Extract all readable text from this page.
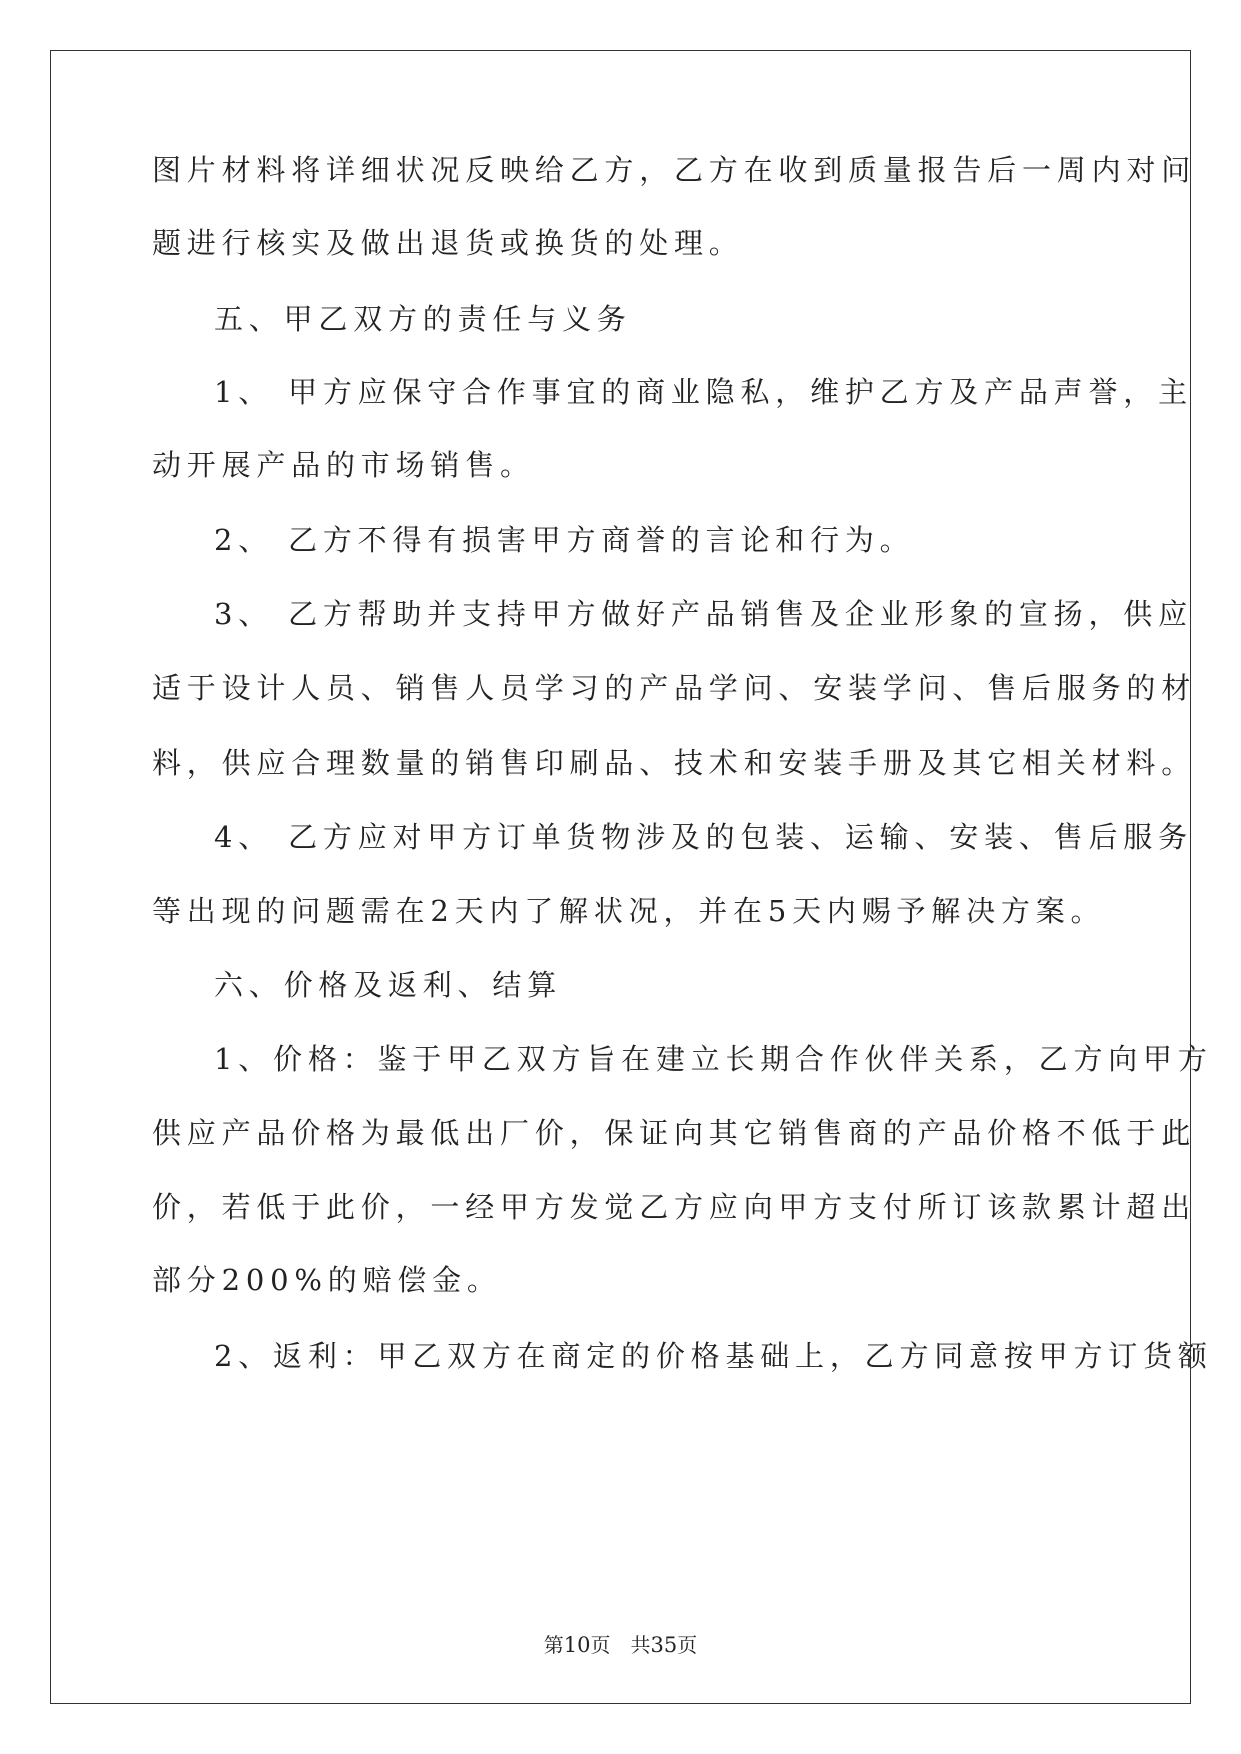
图片材料将详细状况反映给乙方，乙方在收到质量报告后一周内对问

题进行核实及做出退货或换货的处理。

五、甲乙双方的责任与义务

1、 甲方应保守合作事宜的商业隐私，维护乙方及产品声誉，主

动开展产品的市场销售。

2、 乙方不得有损害甲方商誉的言论和行为。

3、 乙方帮助并支持甲方做好产品销售及企业形象的宣扬，供应

适于设计人员、销售人员学习的产品学问、安装学问、售后服务的材

料，供应合理数量的销售印刷品、技术和安装手册及其它相关材料。

4、 乙方应对甲方订单货物涉及的包装、运输、安装、售后服务

等出现的问题需在2天内了解状况，并在5天内赐予解决方案。

六、价格及返利、结算

1、价格：鉴于甲乙双方旨在建立长期合作伙伴关系，乙方向甲方

供应产品价格为最低出厂价，保证向其它销售商的产品价格不低于此

价，若低于此价，一经甲方发觉乙方应向甲方支付所订该款累计超出

部分200%的赔偿金。

2、返利：甲乙双方在商定的价格基础上，乙方同意按甲方订货额

第10页 共35页
